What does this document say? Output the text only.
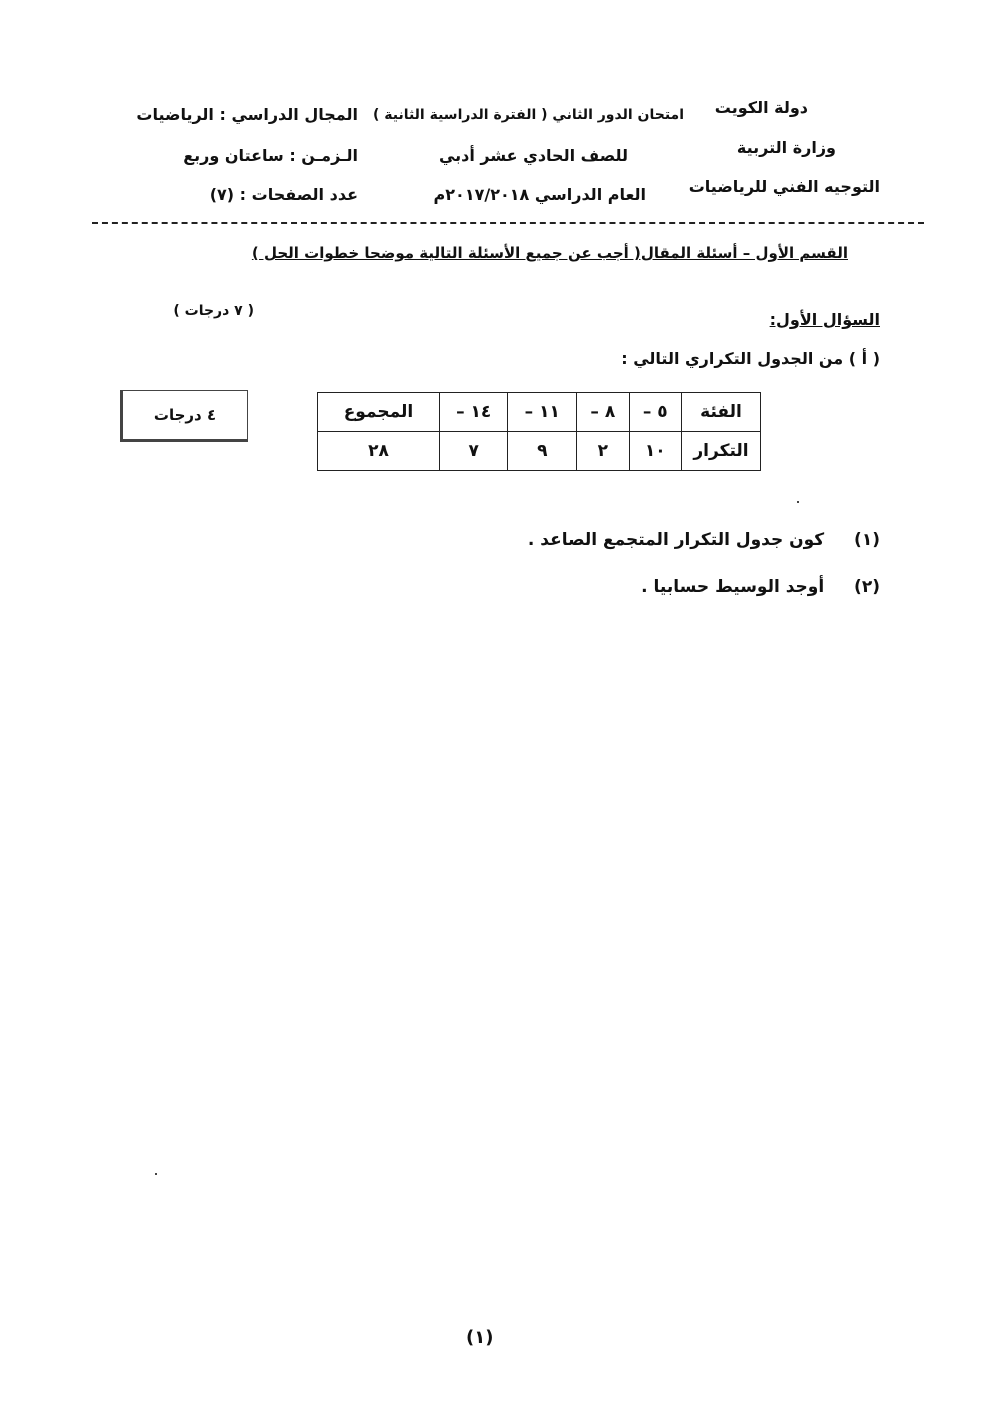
دولة الكويت
وزارة التربية
التوجيه الفني للرياضيات
امتحان الدور الثاني ( الفترة الدراسية الثانية )
للصف الحادي عشر أدبي
العام الدراسي ٢٠١٧/٢٠١٨م
المجال الدراسي : الرياضيات
الـزمـن : ساعتان وربع
عدد الصفحات : (٧)
القسم الأول – أسئلة المقال( أجب عن جميع الأسئلة التالية موضحا خطوات الحل )
السؤال الأول:
( ٧ درجات )
( أ ) من الجدول التكراري التالي :
٤ درجات	الفئة	٥ –	٨ –	١١ –	١٤ –	المجموع
التكرار	١٠	٢	٩	٧	٢٨
(١)  كون جدول التكرار المتجمع الصاعد .
(٢)  أوجد الوسيط حسابيا .
(١)
